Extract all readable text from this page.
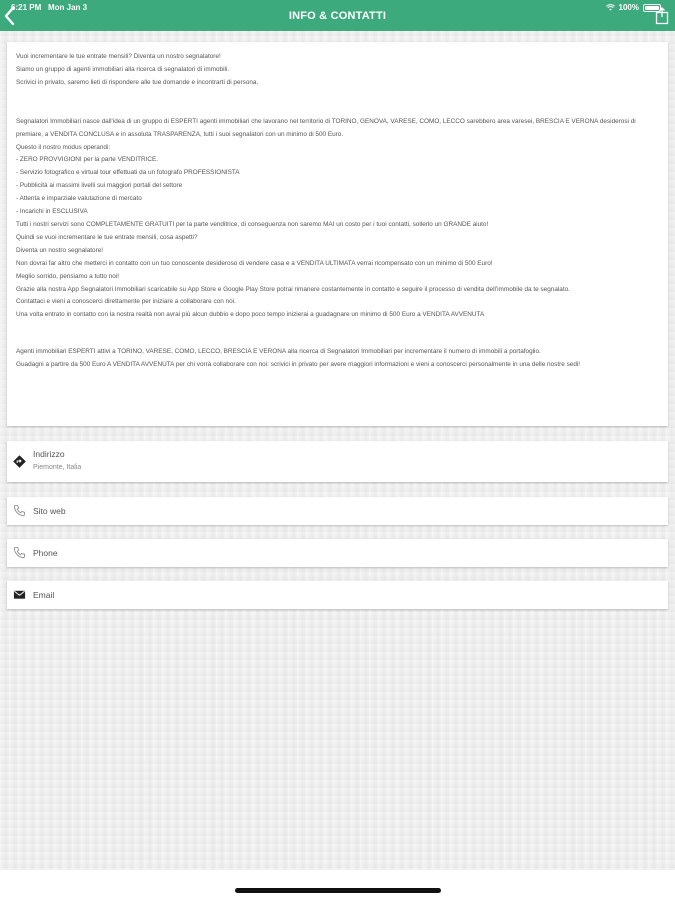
6:21 PM Mon Jan 3	100%
INFO & CONTATTI

Vuoi incrementare le tue entrate mensili? Diventa un nostro segnalatore!
Siamo un gruppo di agenti immobiliari alla ricerca di segnalatori di immobili.
Scrivici in privato, saremo lieti di rispondere alle tue domande e incontrarti di persona.

Segnalatori Immobiliari nasce dall'idea di un gruppo di ESPERTI agenti immobiliari che lavorano nel territorio di TORINO, GENOVA, VARESE, COMO, LECCO sarebbero area varesei, BRESCIA E VERONA desiderosi di premiare, a VENDITA CONCLUSA e in assoluta TRASPARENZA, tutti i suoi segnalatori con un minimo di 500 Euro.
Questo il nostro modus operandi:
- ZERO PROVVIGIONI per la parte VENDITRICE.
- Servizio fotografico e virtual tour effettuati da un fotografo PROFESSIONISTA
- Pubblicità ai massimi livelli sui maggiori portali del settore
- Attenta e imparziale valutazione di mercato
- Incarichi in ESCLUSIVA
Tutti i nostri servizi sono COMPLETAMENTE GRATUITI per la parte venditrice, di conseguenza non saremo MAI un costo per i tuoi contatti, sollerlo un GRANDE aiuto!
Quindi se vuoi incrementare le tue entrate mensili, cosa aspetti?
Diventa un nostro segnalatore!
Non dovrai far altro che metterci in contatto con un tuo conoscente desideroso di vendere casa e a VENDITA ULTIMATA verrai ricompensato con un minimo di 500 Euro!
Meglio sorrido, pensiamo a tutto noi!
Grazie alla nostra App Segnalatori Immobiliari scaricabile su App Store e Google Play Store potrai rimanere costantemente in contatto e seguire il processo di vendita dell'immobile da te segnalato.
Contattaci e vieni a conoscerci direttamente per iniziare a collaborare con noi.
Una volta entrato in contatto con la nostra realtà non avrai più alcun dubbio e dopo poco tempo inizierai a guadagnare un minimo di 500 Euro a VENDITA AVVENUTA

Agenti immobiliari ESPERTI attivi a TORINO, VARESE, COMO, LECCO, BRESCIA E VERONA alla ricerca di Segnalatori Immobiliari per incrementare il numero di immobili a portafoglio.
Guadagni a partire da 500 Euro A VENDITA AVVENUTA per chi vorrà collaborare con noi: scrivici in privato per avere maggiori informazioni e vieni a conoscerci personalmente in una delle nostre sedi!

Indirizzo
Piemonte, Italia
Sito web
Phone
Email
